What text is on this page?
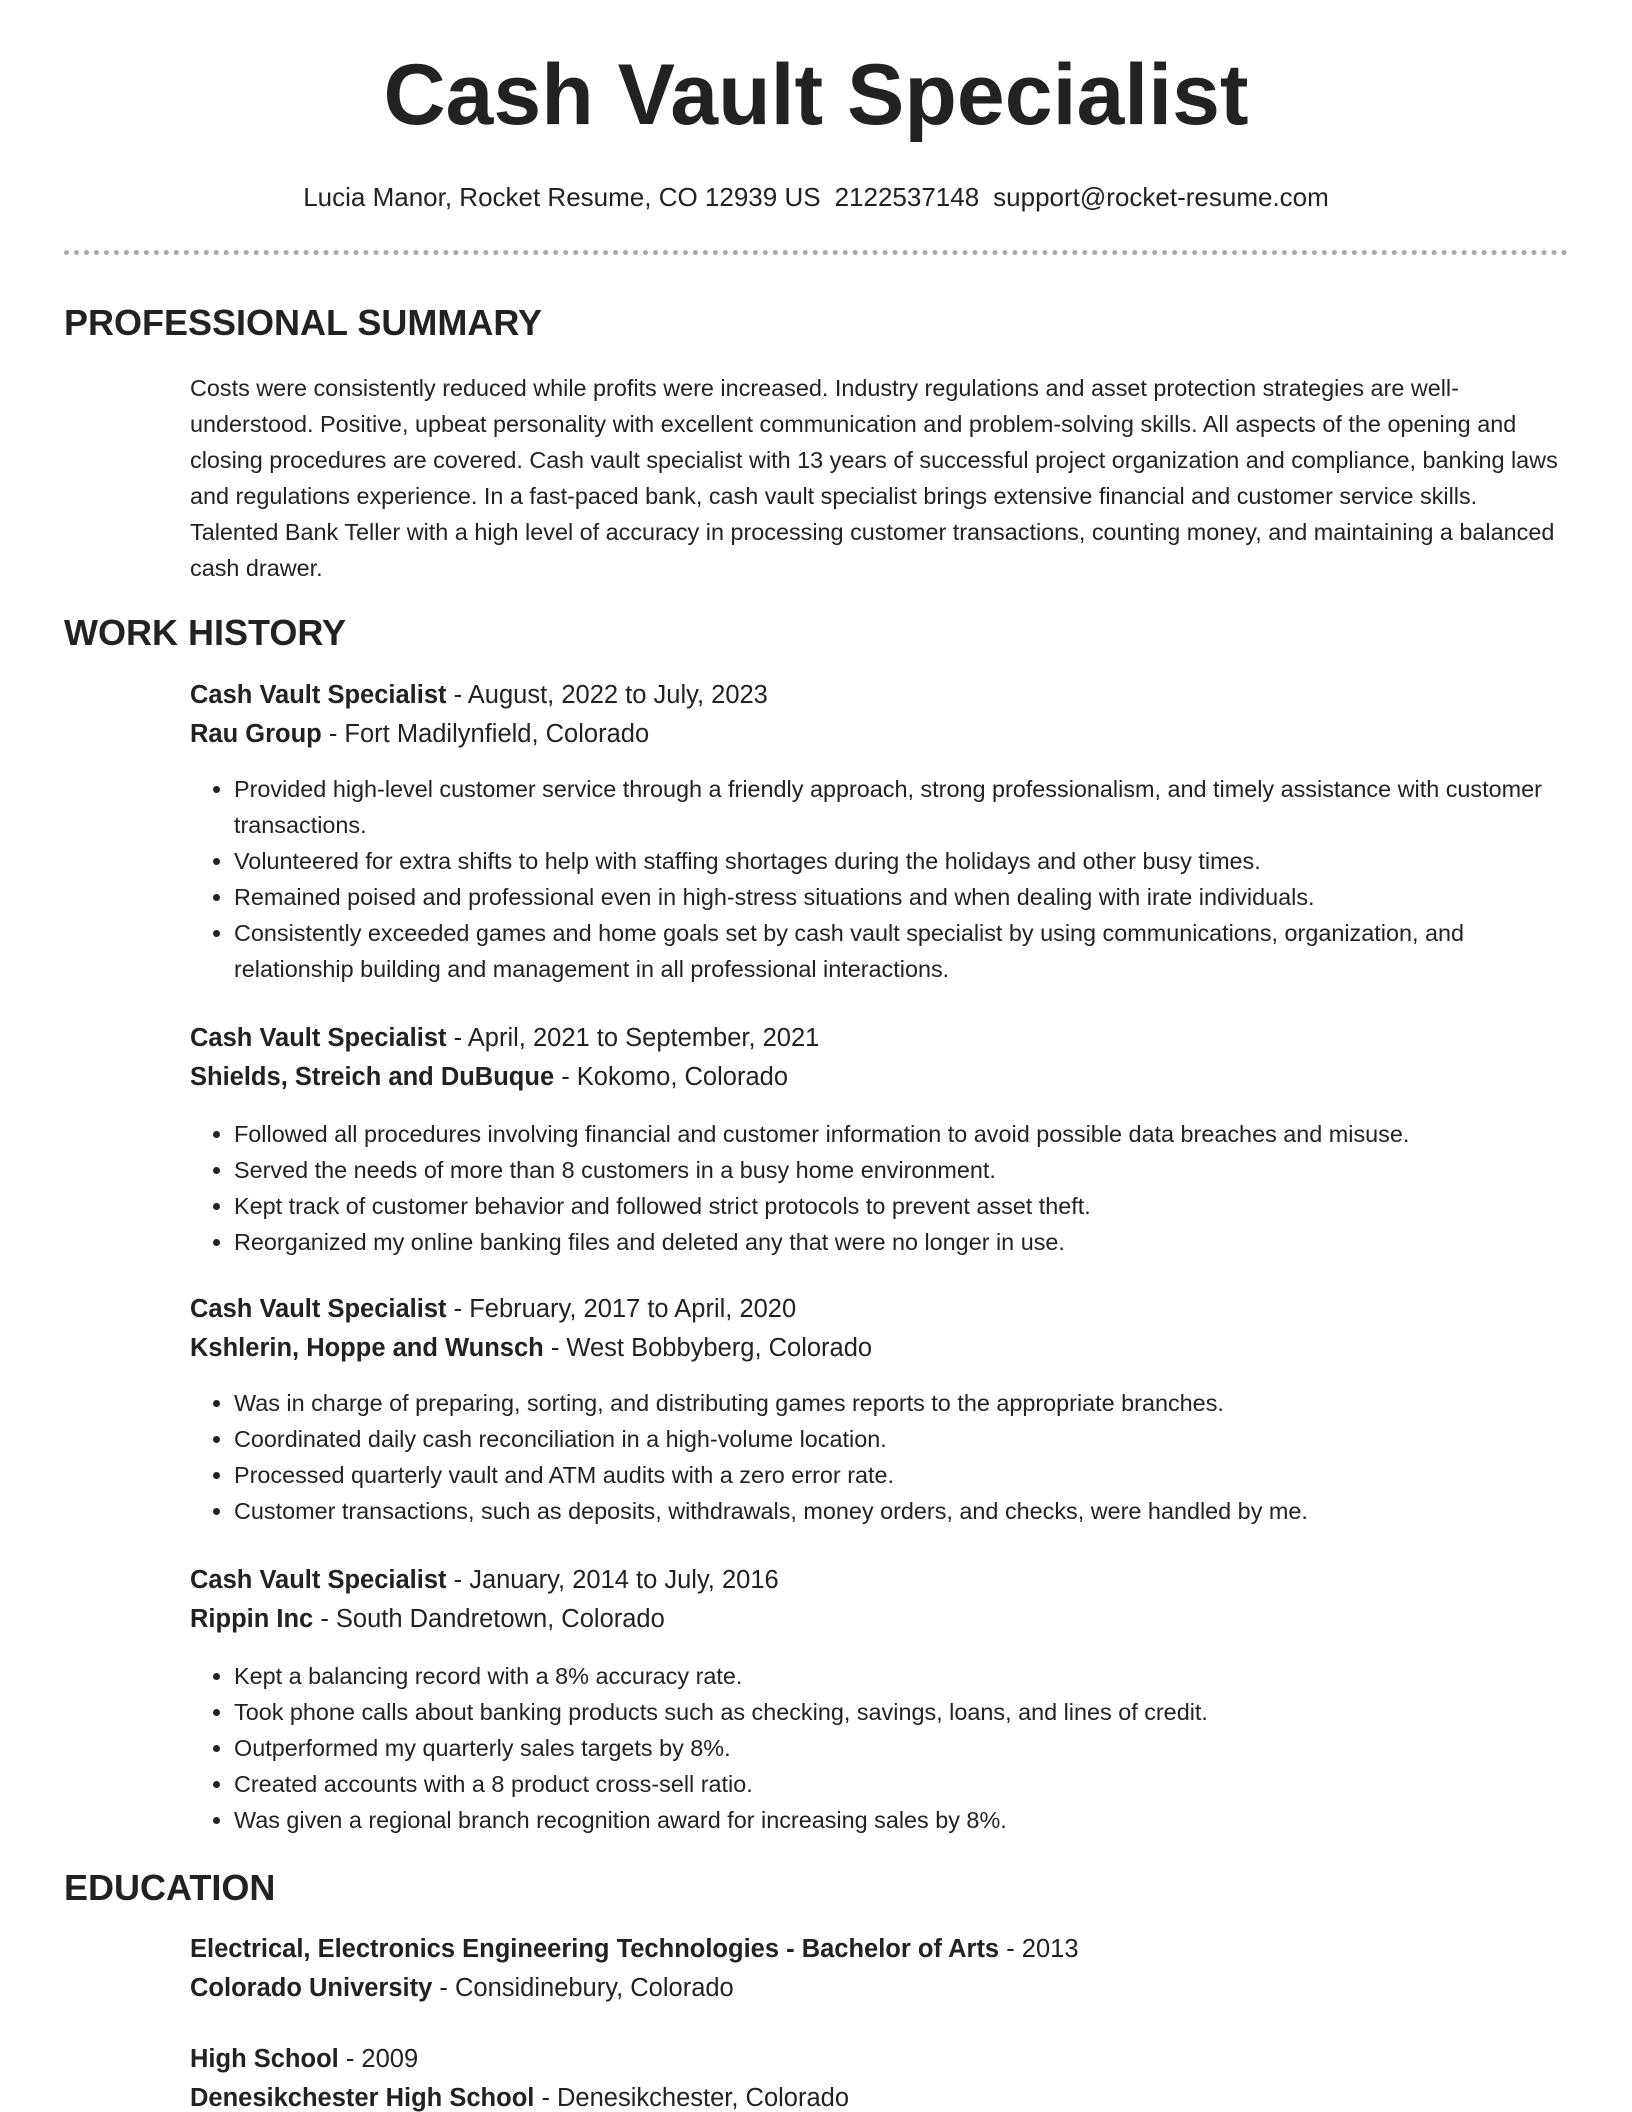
Cash Vault Specialist
Lucia Manor, Rocket Resume, CO 12939 US 2122537148 support@rocket-resume.com
PROFESSIONAL SUMMARY

Costs were consistently reduced while profits were increased. Industry regulations and asset protection strategies are well-understood. Positive, upbeat personality with excellent communication and problem-solving skills. All aspects of the opening and closing procedures are covered. Cash vault specialist with 13 years of successful project organization and compliance, banking laws and regulations experience. In a fast-paced bank, cash vault specialist brings extensive financial and customer service skills. Talented Bank Teller with a high level of accuracy in processing customer transactions, counting money, and maintaining a balanced cash drawer.

WORK HISTORY
Cash Vault Specialist - August, 2022 to July, 2023
Rau Group - Fort Madilynfield, Colorado
• Provided high-level customer service through a friendly approach, strong professionalism, and timely assistance with customer transactions.
• Volunteered for extra shifts to help with staffing shortages during the holidays and other busy times.
• Remained poised and professional even in high-stress situations and when dealing with irate individuals.
• Consistently exceeded games and home goals set by cash vault specialist by using communications, organization, and relationship building and management in all professional interactions.
Cash Vault Specialist - April, 2021 to September, 2021
Shields, Streich and DuBuque - Kokomo, Colorado
• Followed all procedures involving financial and customer information to avoid possible data breaches and misuse.
• Served the needs of more than 8 customers in a busy home environment.
• Kept track of customer behavior and followed strict protocols to prevent asset theft.
• Reorganized my online banking files and deleted any that were no longer in use.
Cash Vault Specialist - February, 2017 to April, 2020
Kshlerin, Hoppe and Wunsch - West Bobbyberg, Colorado
• Was in charge of preparing, sorting, and distributing games reports to the appropriate branches.
• Coordinated daily cash reconciliation in a high-volume location.
• Processed quarterly vault and ATM audits with a zero error rate.
• Customer transactions, such as deposits, withdrawals, money orders, and checks, were handled by me.
Cash Vault Specialist - January, 2014 to July, 2016
Rippin Inc - South Dandretown, Colorado
• Kept a balancing record with a 8% accuracy rate.
• Took phone calls about banking products such as checking, savings, loans, and lines of credit.
• Outperformed my quarterly sales targets by 8%.
• Created accounts with a 8 product cross-sell ratio.
• Was given a regional branch recognition award for increasing sales by 8%.
EDUCATION
Electrical, Electronics Engineering Technologies - Bachelor of Arts - 2013
Colorado University - Considinebury, Colorado
High School - 2009
Denesikchester High School - Denesikchester, Colorado
